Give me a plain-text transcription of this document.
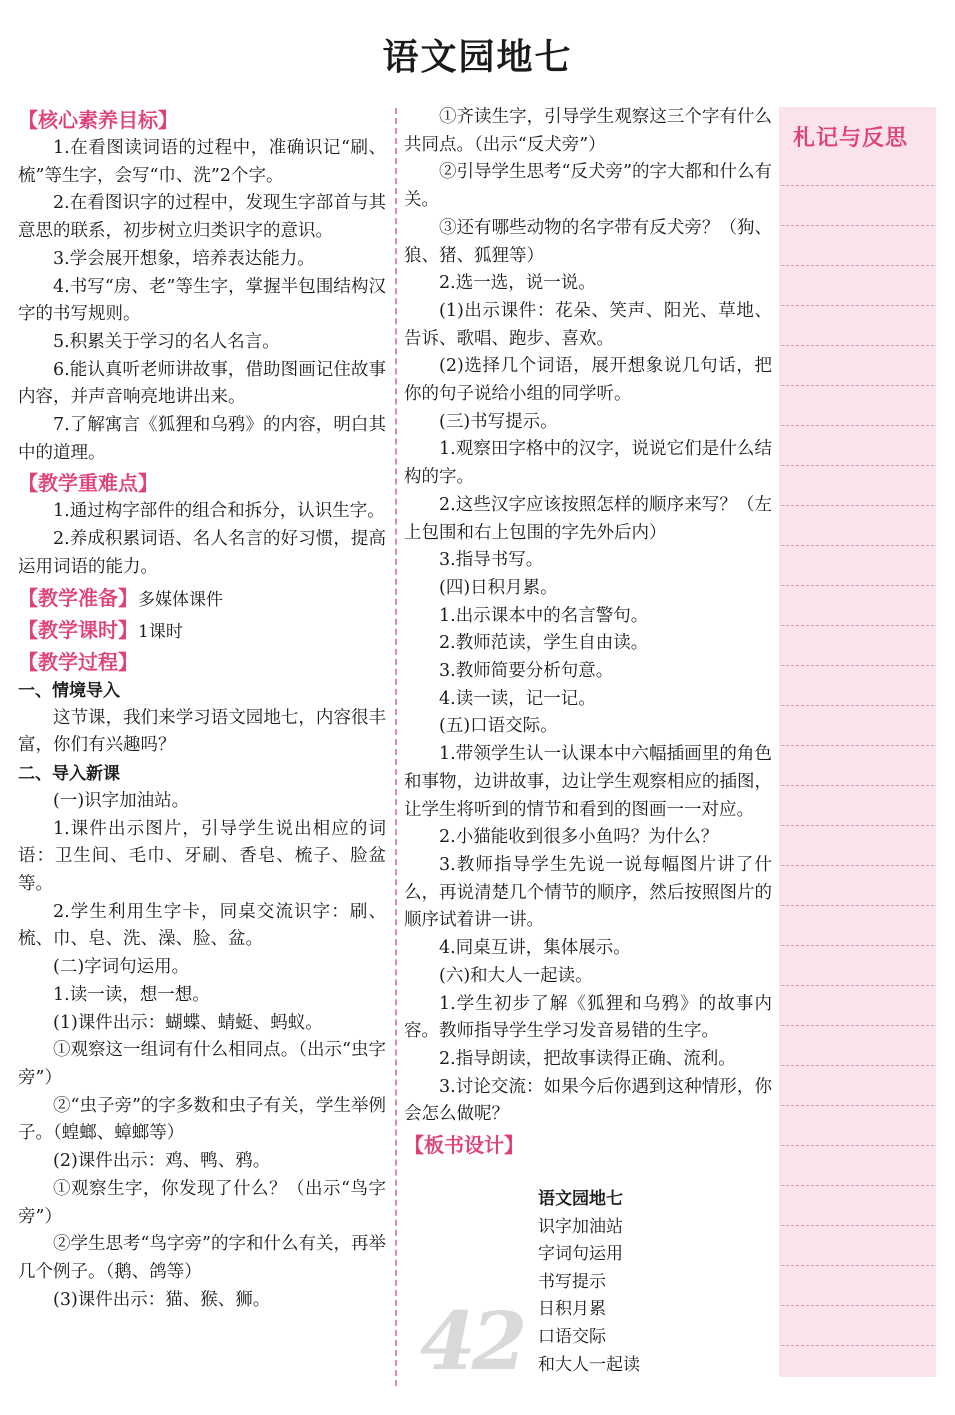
语文园地七
【核心素养目标】

1.在看图读词语的过程中，准确识记“刷、梳”等生字，会写“巾、洗”2个字。

2.在看图识字的过程中，发现生字部首与其意思的联系，初步树立归类识字的意识。

3.学会展开想象，培养表达能力。

4.书写“房、老”等生字，掌握半包围结构汉字的书写规则。

5.积累关于学习的名人名言。

6.能认真听老师讲故事，借助图画记住故事内容，并声音响亮地讲出来。

7.了解寓言《狐狸和乌鸦》的内容，明白其中的道理。

【教学重难点】

1.通过构字部件的组合和拆分，认识生字。

2.养成积累词语、名人名言的好习惯，提高运用词语的能力。

【教学准备】多媒体课件
【教学课时】1课时
【教学过程】
一、情境导入

这节课，我们来学习语文园地七，内容很丰富，你们有兴趣吗？

二、导入新课

(一)识字加油站。

1.课件出示图片，引导学生说出相应的词语：卫生间、毛巾、牙刷、香皂、梳子、脸盆等。

2.学生利用生字卡，同桌交流识字：刷、梳、巾、皂、洗、澡、脸、盆。

(二)字词句运用。

1.读一读，想一想。

(1)课件出示：蝴蝶、蜻蜓、蚂蚁。

①观察这一组词有什么相同点。（出示“虫字旁”）

②“虫子旁”的字多数和虫子有关，学生举例子。（蝗螂、蟑螂等）

(2)课件出示：鸡、鸭、鸦。

①观察生字，你发现了什么？（出示“鸟字旁”）

②学生思考“鸟字旁”的字和什么有关，再举几个例子。（鹅、鸽等）

(3)课件出示：猫、猴、狮。

①齐读生字，引导学生观察这三个字有什么共同点。（出示“反犬旁”）

②引导学生思考“反犬旁”的字大都和什么有关。

③还有哪些动物的名字带有反犬旁？（狗、狼、猪、狐狸等）

2.选一选，说一说。

(1)出示课件：花朵、笑声、阳光、草地、告诉、歌唱、跑步、喜欢。

(2)选择几个词语，展开想象说几句话，把你的句子说给小组的同学听。

(三)书写提示。

1.观察田字格中的汉字，说说它们是什么结构的字。

2.这些汉字应该按照怎样的顺序来写？（左上包围和右上包围的字先外后内）

3.指导书写。

(四)日积月累。

1.出示课本中的名言警句。

2.教师范读，学生自由读。

3.教师简要分析句意。

4.读一读，记一记。

(五)口语交际。

1.带领学生认一认课本中六幅插画里的角色和事物，边讲故事，边让学生观察相应的插图，让学生将听到的情节和看到的图画一一对应。

2.小猫能收到很多小鱼吗？为什么？

3.教师指导学生先说一说每幅图片讲了什么，再说清楚几个情节的顺序，然后按照图片的顺序试着讲一讲。

4.同桌互讲，集体展示。

(六)和大人一起读。

1.学生初步了解《狐狸和乌鸦》的故事内容。教师指导学生学习发音易错的生字。

2.指导朗读，把故事读得正确、流利。

3.讨论交流：如果今后你遇到这种情形，你会怎么做呢？

【板书设计】
语文园地七
识字加油站
字词句运用
书写提示
日积月累
口语交际
和大人一起读
42
札记与反思
